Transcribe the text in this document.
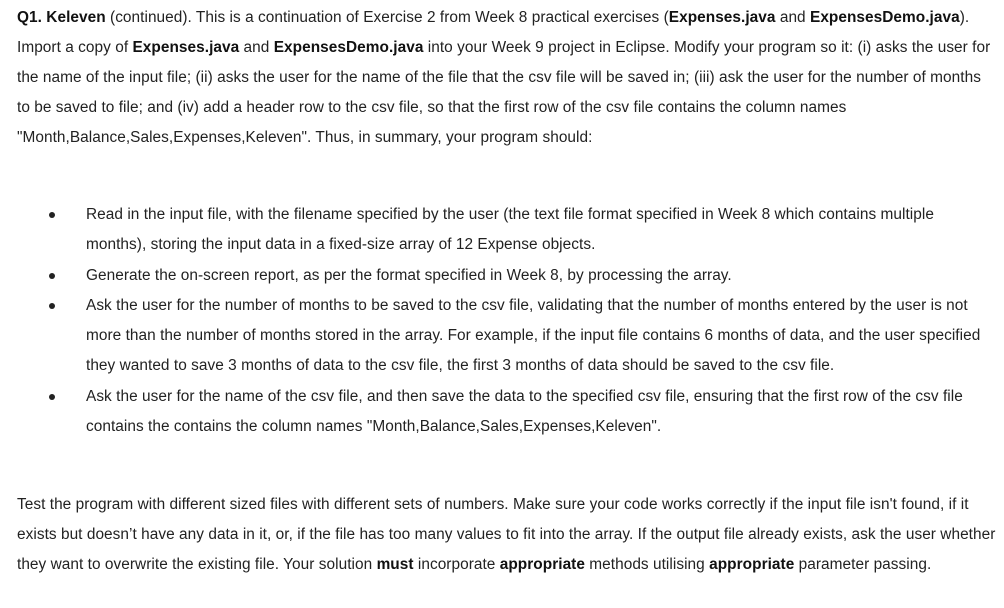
Q1. Keleven (continued). This is a continuation of Exercise 2 from Week 8 practical exercises (Expenses.java and ExpensesDemo.java). Import a copy of Expenses.java and ExpensesDemo.java into your Week 9 project in Eclipse. Modify your program so it: (i) asks the user for the name of the input file; (ii) asks the user for the name of the file that the csv file will be saved in; (iii) ask the user for the number of months to be saved to file; and (iv) add a header row to the csv file, so that the first row of the csv file contains the column names "Month,Balance,Sales,Expenses,Keleven". Thus, in summary, your program should:

Read in the input file, with the filename specified by the user (the text file format specified in Week 8 which contains multiple months), storing the input data in a fixed-size array of 12 Expense objects.
Generate the on-screen report, as per the format specified in Week 8, by processing the array.
Ask the user for the number of months to be saved to the csv file, validating that the number of months entered by the user is not more than the number of months stored in the array. For example, if the input file contains 6 months of data, and the user specified they wanted to save 3 months of data to the csv file, the first 3 months of data should be saved to the csv file.
Ask the user for the name of the csv file, and then save the data to the specified csv file, ensuring that the first row of the csv file contains the contains the column names "Month,Balance,Sales,Expenses,Keleven".

Test the program with different sized files with different sets of numbers. Make sure your code works correctly if the input file isn't found, if it exists but doesn’t have any data in it, or, if the file has too many values to fit into the array. If the output file already exists, ask the user whether they want to overwrite the existing file. Your solution must incorporate appropriate methods utilising appropriate parameter passing.
